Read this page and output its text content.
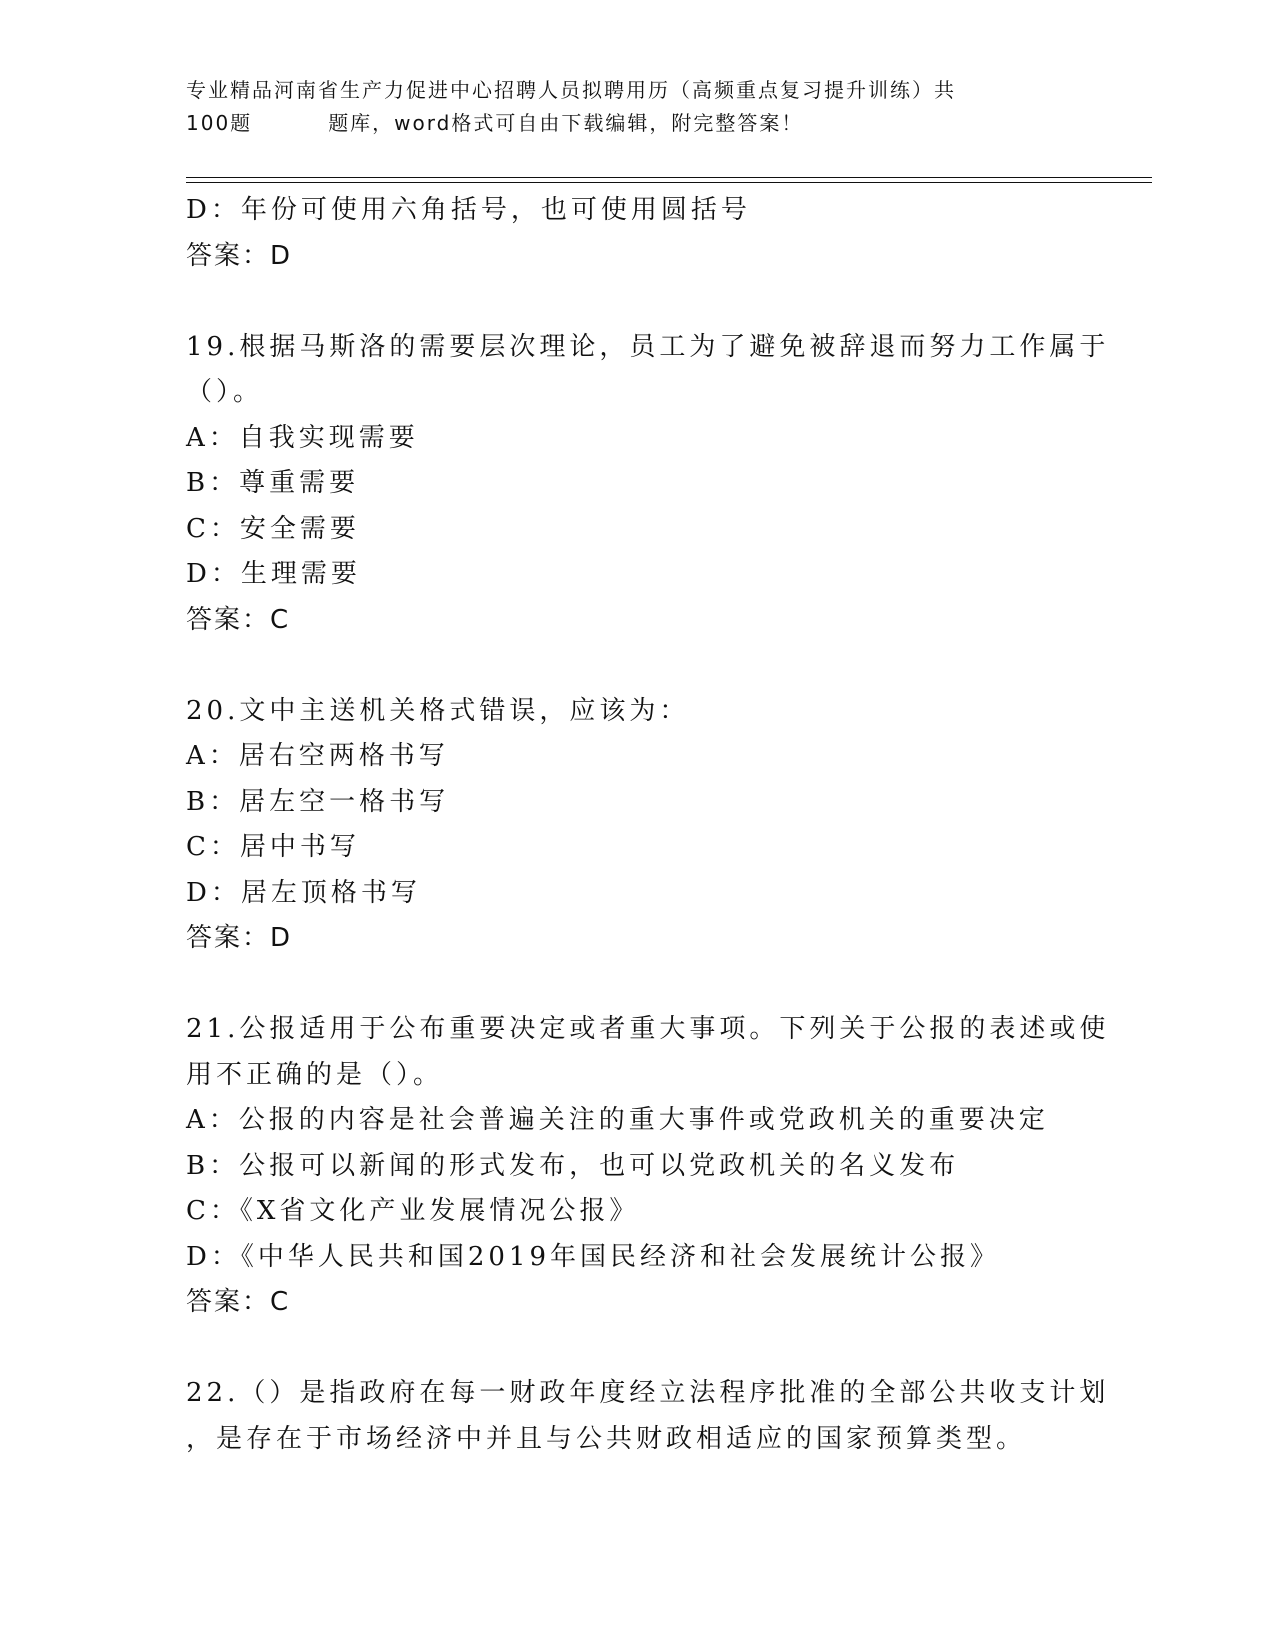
专业精品河南省生产力促进中心招聘人员拟聘用历（高频重点复习提升训练）共
100题	题库，word格式可自由下载编辑，附完整答案！
D：年份可使用六角括号，也可使用圆括号
答案：D
19.根据马斯洛的需要层次理论，员工为了避免被辞退而努力工作属于
（）。
A：自我实现需要
B：尊重需要
C：安全需要
D：生理需要
答案：C
20.文中主送机关格式错误，应该为：
A：居右空两格书写
B：居左空一格书写
C：居中书写
D：居左顶格书写
答案：D
21.公报适用于公布重要决定或者重大事项。下列关于公报的表述或使
用不正确的是（）。
A：公报的内容是社会普遍关注的重大事件或党政机关的重要决定
B：公报可以新闻的形式发布，也可以党政机关的名义发布
C：《X省文化产业发展情况公报》
D：《中华人民共和国2019年国民经济和社会发展统计公报》
答案：C
22.（）是指政府在每一财政年度经立法程序批准的全部公共收支计划
，是存在于市场经济中并且与公共财政相适应的国家预算类型。
